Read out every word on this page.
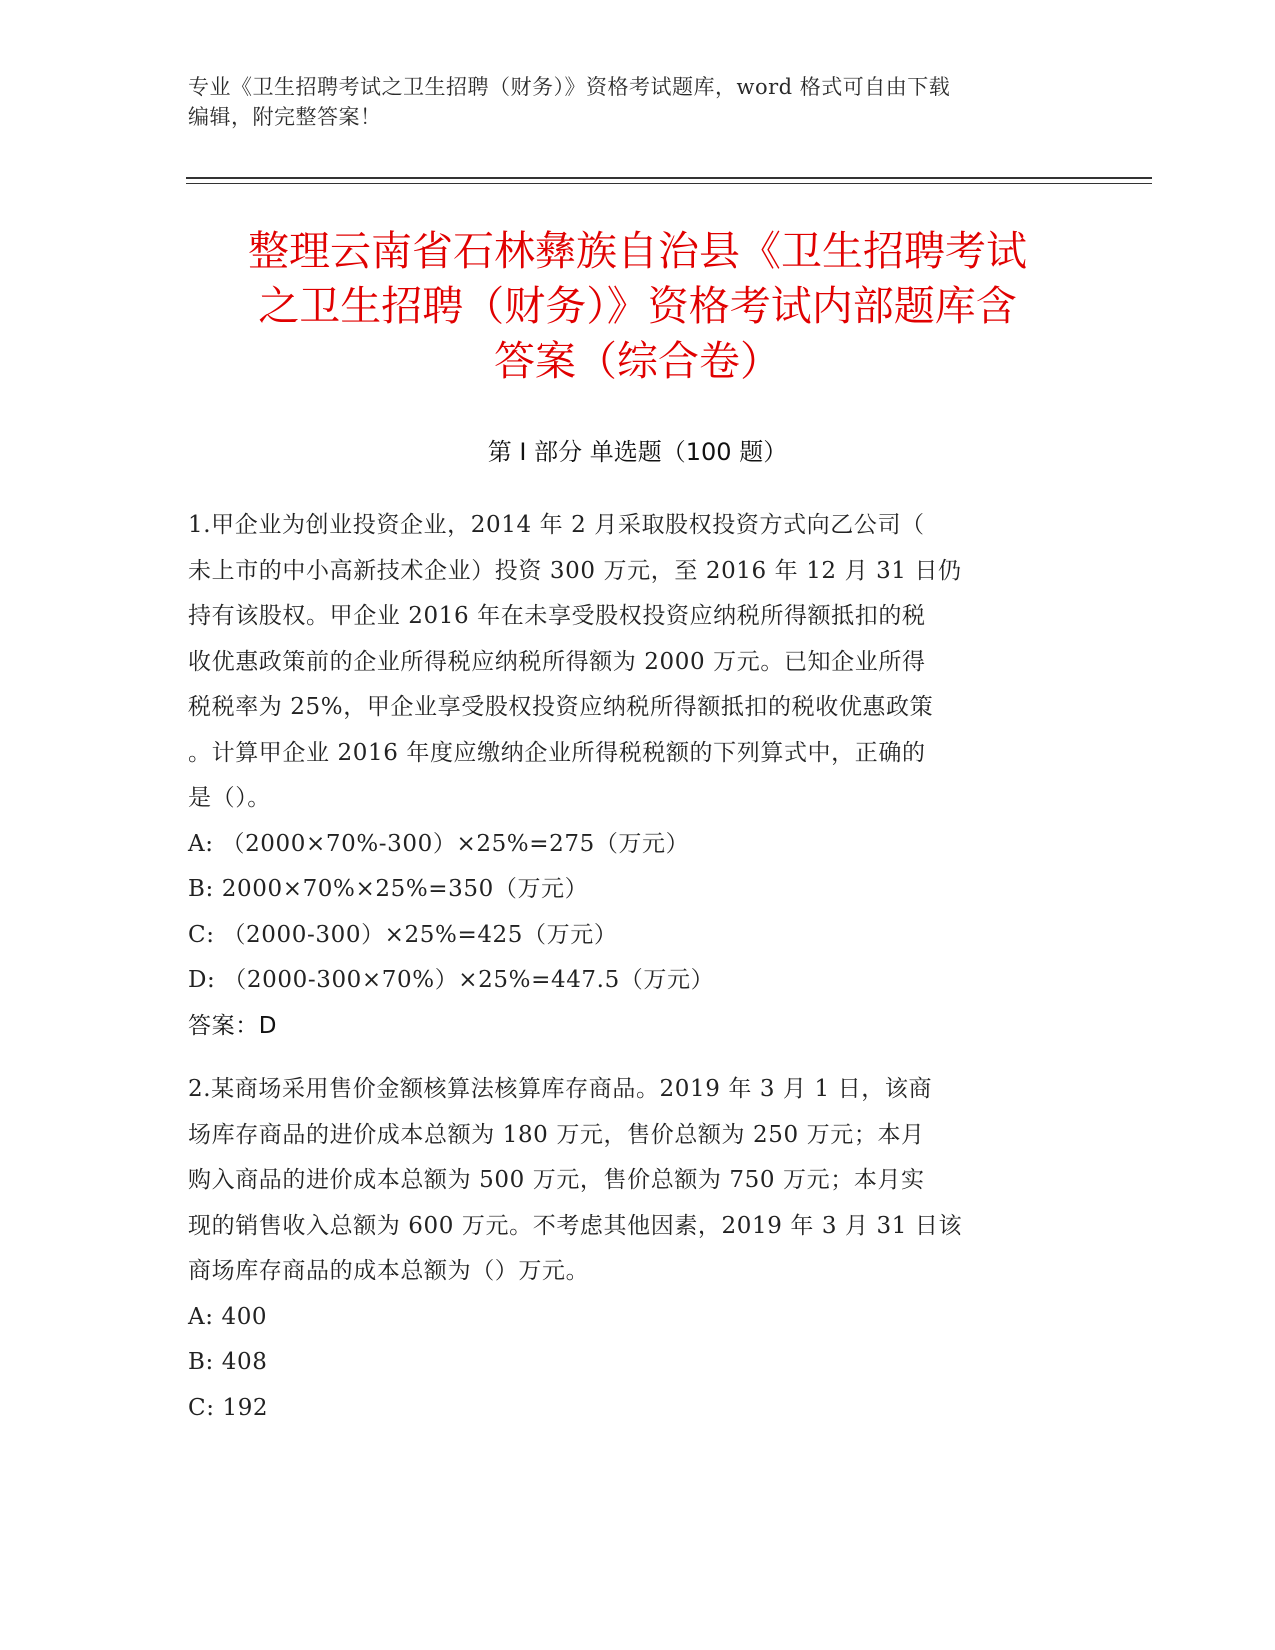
专业《卫生招聘考试之卫生招聘（财务）》资格考试题库，word 格式可自由下载
编辑，附完整答案！
整理云南省石林彝族自治县《卫生招聘考试
之卫生招聘（财务）》资格考试内部题库含
答案（综合卷）
第 I 部分 单选题（100 题）

1.甲企业为创业投资企业，2014 年 2 月采取股权投资方式向乙公司（

未上市的中小高新技术企业）投资 300 万元，至 2016 年 12 月 31 日仍

持有该股权。甲企业 2016 年在未享受股权投资应纳税所得额抵扣的税

收优惠政策前的企业所得税应纳税所得额为 2000 万元。已知企业所得

税税率为 25%，甲企业享受股权投资应纳税所得额抵扣的税收优惠政策

。计算甲企业 2016 年度应缴纳企业所得税税额的下列算式中，正确的

是（）。

A: （2000×70%-300）×25%=275（万元）

B: 2000×70%×25%=350（万元）

C: （2000-300）×25%=425（万元）

D: （2000-300×70%）×25%=447.5（万元）

答案：D

2.某商场采用售价金额核算法核算库存商品。2019 年 3 月 1 日，该商

场库存商品的进价成本总额为 180 万元，售价总额为 250 万元；本月

购入商品的进价成本总额为 500 万元，售价总额为 750 万元；本月实

现的销售收入总额为 600 万元。不考虑其他因素，2019 年 3 月 31 日该

商场库存商品的成本总额为（）万元。

A: 400

B: 408

C: 192
